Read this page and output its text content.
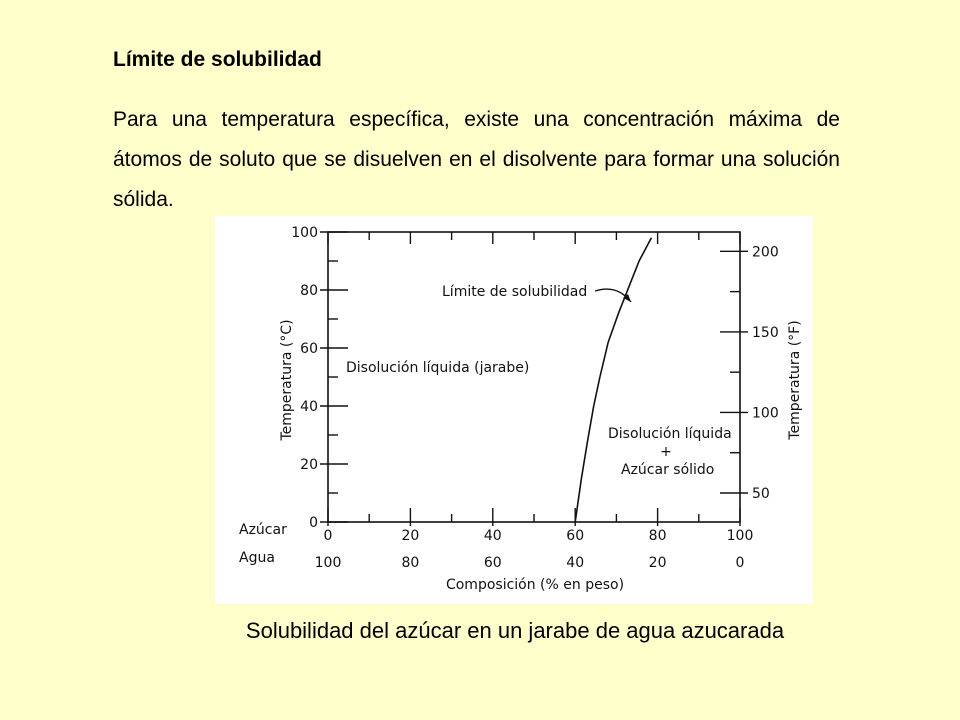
Límite de solubilidad

Para una temperatura específica, existe una concentración máxima de átomos de soluto que se disuelven en el disolvente para formar una solución sólida.

0
20
40
60
80
100
50
100
150
200
0
100
20
80
40
60
60
40
80
20
100
0
Temperatura (°C)	Temperatura (°F)
Composición (% en peso)
Azúcar
Agua
Límite de solubilidad
Disolución líquida (jarabe)
Disolución líquida
+
Azúcar sólido
Solubilidad del azúcar en un jarabe de agua azucarada
